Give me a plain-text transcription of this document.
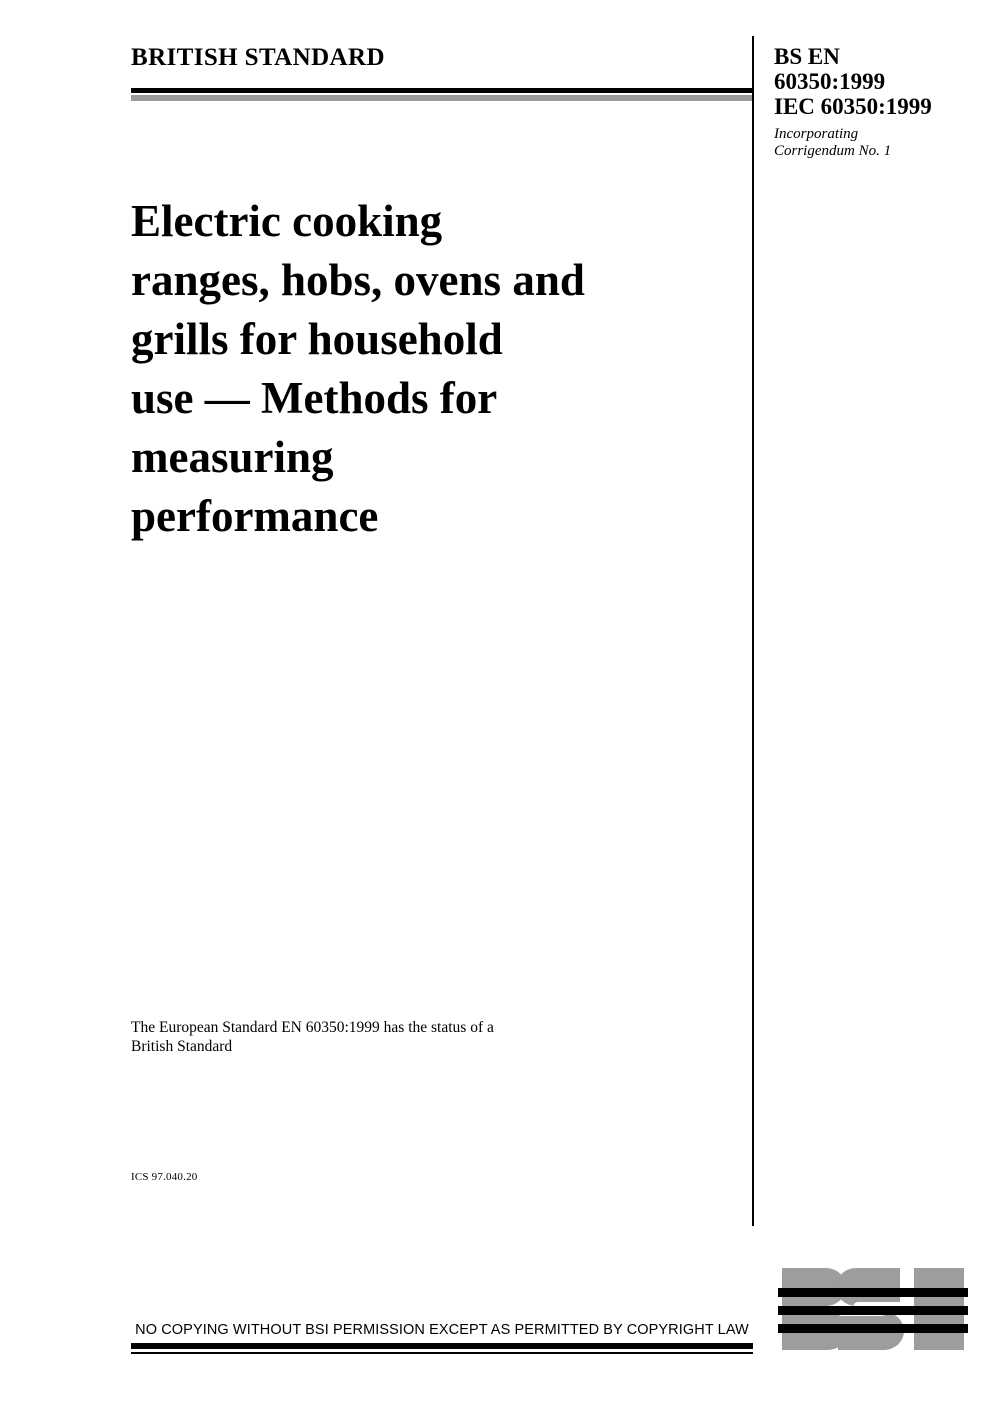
BRITISH STANDARD	BS EN
60350:1999
IEC 60350:1999
Incorporating
Corrigendum No. 1
Electric cooking
ranges, hobs, ovens and
grills for household
use — Methods for
measuring
performance
The European Standard EN 60350:1999 has the status of a
British Standard
ICS 97.040.20
NO COPYING WITHOUT BSI PERMISSION EXCEPT AS PERMITTED BY COPYRIGHT LAW
